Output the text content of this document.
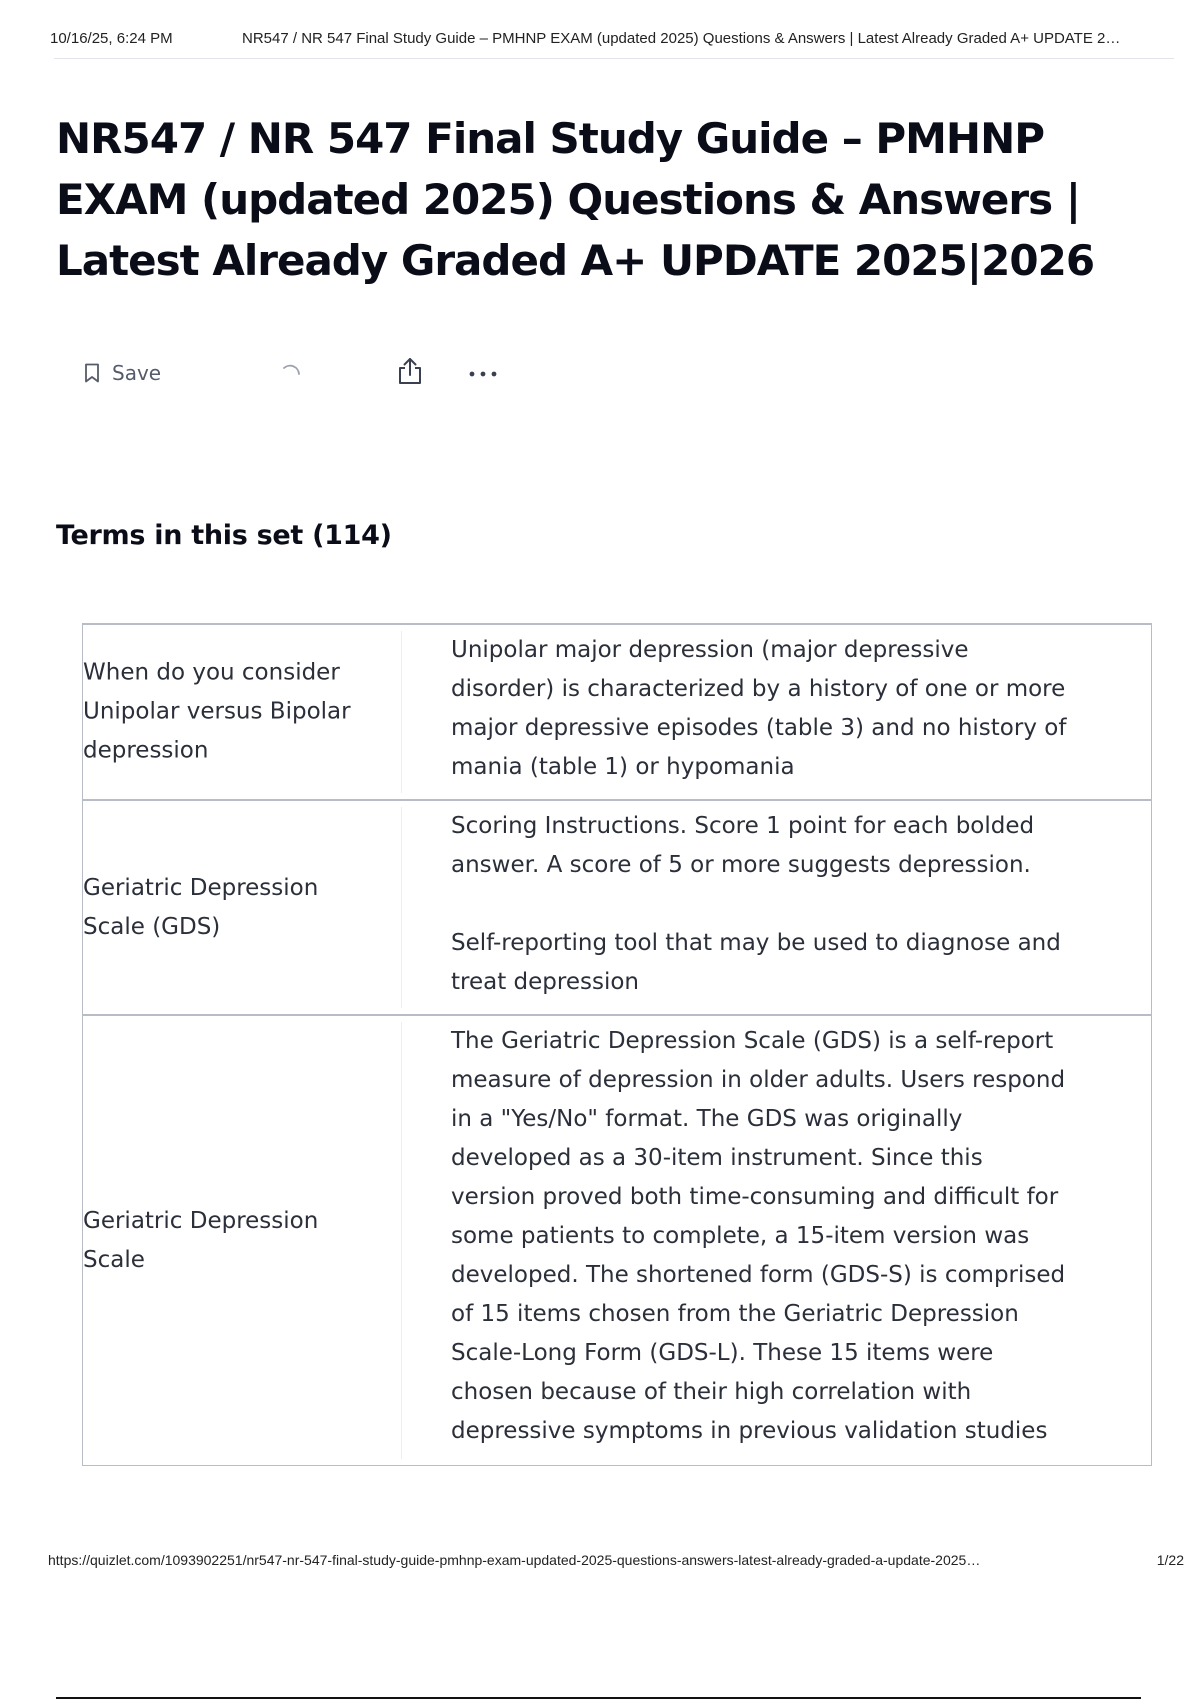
10/16/25, 6:24 PM	NR547 / NR 547 Final Study Guide – PMHNP EXAM (updated 2025) Questions & Answers | Latest Already Graded A+ UPDATE 2…
NR547 / NR 547 Final Study Guide – PMHNP EXAM (updated 2025) Questions & Answers | Latest Already Graded A+ UPDATE 2025|2026
Save
Terms in this set (114)
When do you consider Unipolar versus Bipolar depression

Unipolar major depression (major depressive disorder) is characterized by a history of one or more major depressive episodes (table 3) and no history of mania (table 1) or hypomania

Geriatric Depression Scale (GDS)

Scoring Instructions. Score 1 point for each bolded answer. A score of 5 or more suggests depression.

Self-reporting tool that may be used to diagnose and treat depression

Geriatric Depression Scale

The Geriatric Depression Scale (GDS) is a self-report measure of depression in older adults. Users respond in a "Yes/No" format. The GDS was originally developed as a 30-item instrument. Since this version proved both time-consuming and difficult for some patients to complete, a 15-item version was developed. The shortened form (GDS-S) is comprised of 15 items chosen from the Geriatric Depression Scale-Long Form (GDS-L). These 15 items were chosen because of their high correlation with depressive symptoms in previous validation studies

https://quizlet.com/1093902251/nr547-nr-547-final-study-guide-pmhnp-exam-updated-2025-questions-answers-latest-already-graded-a-update-2025…	1/22
